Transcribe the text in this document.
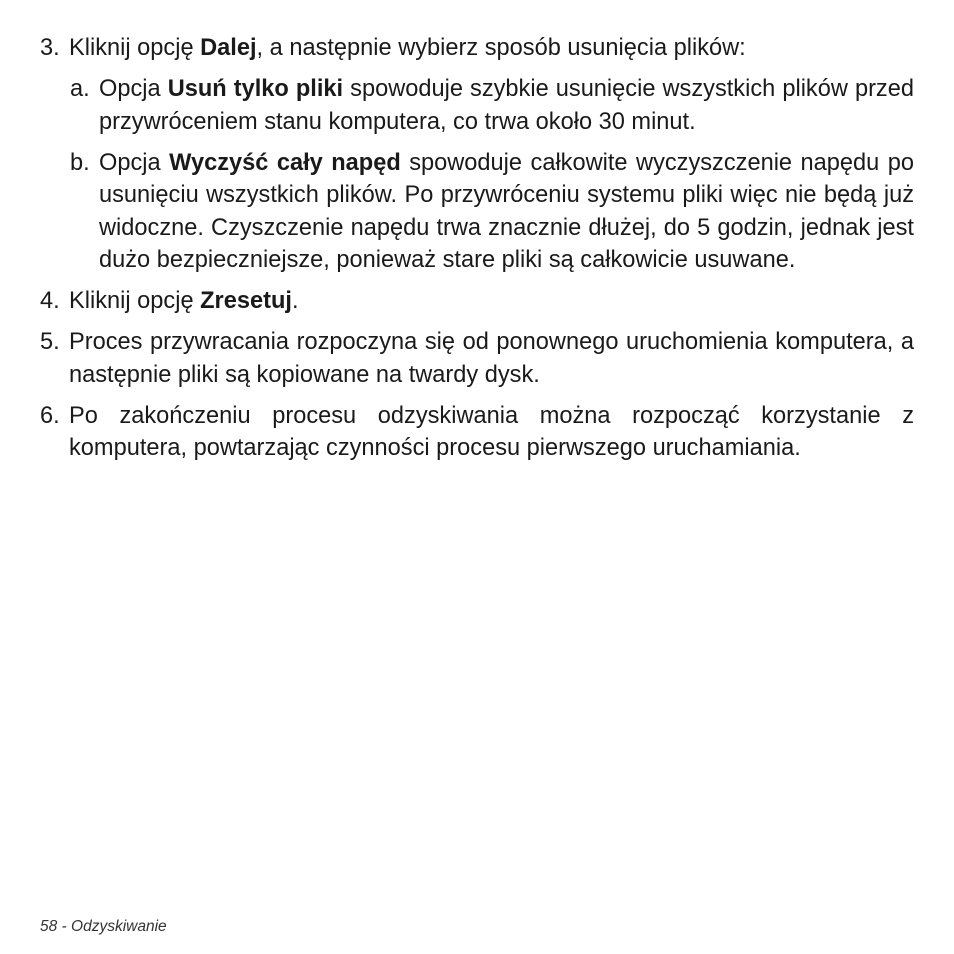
3. Kliknij opcję Dalej, a następnie wybierz sposób usunięcia plików:
a. Opcja Usuń tylko pliki spowoduje szybkie usunięcie wszystkich plików przed przywróceniem stanu komputera, co trwa około 30 minut.
b. Opcja Wyczyść cały napęd spowoduje całkowite wyczyszczenie napędu po usunięciu wszystkich plików. Po przywróceniu systemu pliki więc nie będą już widoczne. Czyszczenie napędu trwa znacznie dłużej, do 5 godzin, jednak jest dużo bezpieczniejsze, ponieważ stare pliki są całkowicie usuwane.
4. Kliknij opcję Zresetuj.
5. Proces przywracania rozpoczyna się od ponownego uruchomienia komputera, a następnie pliki są kopiowane na twardy dysk.
6. Po zakończeniu procesu odzyskiwania można rozpocząć korzystanie z komputera, powtarzając czynności procesu pierwszego uruchamiania.
58 - Odzyskiwanie
